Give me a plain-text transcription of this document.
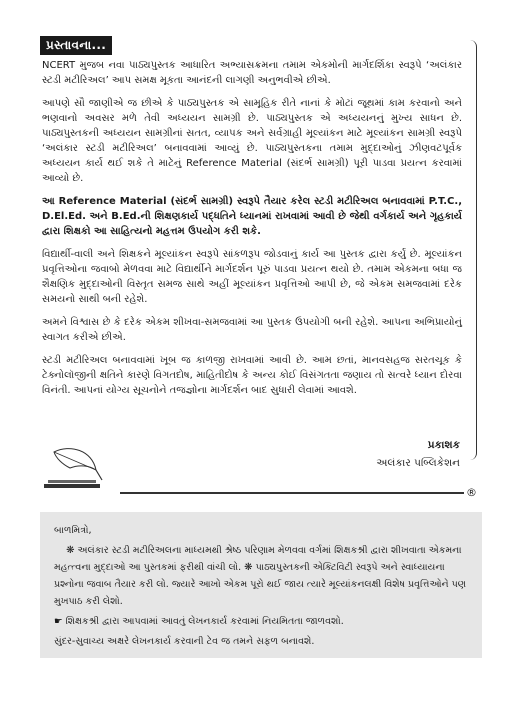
પ્રસ્તાવના...

NCERT મુજબ નવા પાઠ્યપુસ્તક આધારિત અભ્યાસક્રમના તમામ એકમોની માર્ગદર્શિકા સ્વરૂપે ‘અલંકાર સ્ટડી મટીરિઅલ’ આપ સમક્ષ મૂકતા આનંદની લાગણી અનુભવીએ છીએ.

આપણે સૌ જાણીએ જ છીએ કે પાઠ્યપુસ્તક એ સામૂહિક રીતે નાનાં કે મોટાં જૂથમાં કામ કરવાનો અને ભણવાનો અવસર મળે તેવી અધ્યયન સામગ્રી છે. પાઠ્યપુસ્તક એ અધ્યયનનું મુખ્ય સાધન છે. પાઠ્યપુસ્તકની અધ્યયન સામગ્રીનાં સતત, વ્યાપક અને સર્વગ્રાહી મૂલ્યાંકન માટે મૂલ્યાંકન સામગ્રી સ્વરૂપે ‘અલંકાર સ્ટડી મટીરિઅલ’ બનાવવામાં આવ્યું છે. પાઠ્યપુસ્તકના તમામ મુદ્દાઓનું ઝીણવટપૂર્વક અધ્યયન કાર્ય થઈ શકે તે માટેનું Reference Material (સંદર્ભ સામગ્રી) પૂરી પાડવા પ્રયત્ન કરવામાં આવ્યો છે.

આ Reference Material (સંદર્ભ સામગ્રી) સ્વરૂપે તૈયાર કરેલ સ્ટડી મટીરિઅલ બનાવવામાં P.T.C., D.El.Ed. અને B.Ed.ની શિક્ષણકાર્ય પદ્ધતિને ધ્યાનમાં રાખવામાં આવી છે જેથી વર્ગકાર્ય અને ગૃહકાર્ય દ્વારા શિક્ષકો આ સાહિત્યનો મહત્તમ ઉપયોગ કરી શકે.

વિદ્યાર્થી-વાલી અને શિક્ષકને મૂલ્યાંકન સ્વરૂપે સાંકળરૂપ જોડવાનું કાર્ય આ પુસ્તક દ્વારા કર્યું છે. મૂલ્યાંકન પ્રવૃત્તિઓના જવાબો મેળવવા માટે વિદ્યાર્થીને માર્ગદર્શન પૂરું પાડવા પ્રયત્ન થયો છે. તમામ એકમના બધા જ શૈક્ષણિક મુદ્દાઓની વિસ્તૃત સમજ સાથે અહીં મૂલ્યાંકન પ્રવૃત્તિઓ આપી છે, જે એકમ સમજવામાં દરેક સમયનો સાથી બની રહેશે.

અમને વિશ્વાસ છે કે દરેક એકમ શીખવા-સમજવામાં આ પુસ્તક ઉપયોગી બની રહેશે. આપના અભિપ્રાયોનું સ્વાગત કરીએ છીએ.

સ્ટડી મટીરિઅલ બનાવવામાં ખૂબ જ કાળજી રાખવામાં આવી છે. આમ છતાં, માનવસહજ સરતચૂક કે ટેક્નોલૉજીની ક્ષતિને કારણે વિગતદોષ, માહિતીદોષ કે અન્ય કોઈ વિસંગતતા જણાય તો સત્વરે ધ્યાન દોરવા વિનંતી. આપનાં યોગ્ય સૂચનોને તજજ્ઞોના માર્ગદર્શન બાદ સુધારી લેવામાં આવશે.

પ્રકાશક
અલંકાર પબ્લિકેશન
®

બાળમિત્રો,

❋ અલંકાર સ્ટડી મટીરિઅલના માધ્યમથી શ્રેષ્ઠ પરિણામ મેળવવા વર્ગમાં શિક્ષકશ્રી દ્વારા શીખવાતા એકમના મહત્ત્વના મુદ્દાઓ આ પુસ્તકમાં ફરીથી વાંચી લો. ❋ પાઠ્યપુસ્તકની એક્ટિવિટી સ્વરૂપે અને સ્વાધ્યાયના પ્રશ્નોના જવાબ તૈયાર કરી લો. જ્યારે આખો એકમ પૂરો થઈ જાય ત્યારે મૂલ્યાંકનલક્ષી વિશેષ પ્રવૃત્તિઓને પણ મુખપાઠ કરી લેશો.

☛ શિક્ષકશ્રી દ્વારા આપવામાં આવતું લેખનકાર્ય કરવામાં નિયમિતતા જાળવશો.

સુંદર-સુવાચ્ય અક્ષરે લેખનકાર્ય કરવાની ટેવ જ તમને સફળ બનાવશે.
